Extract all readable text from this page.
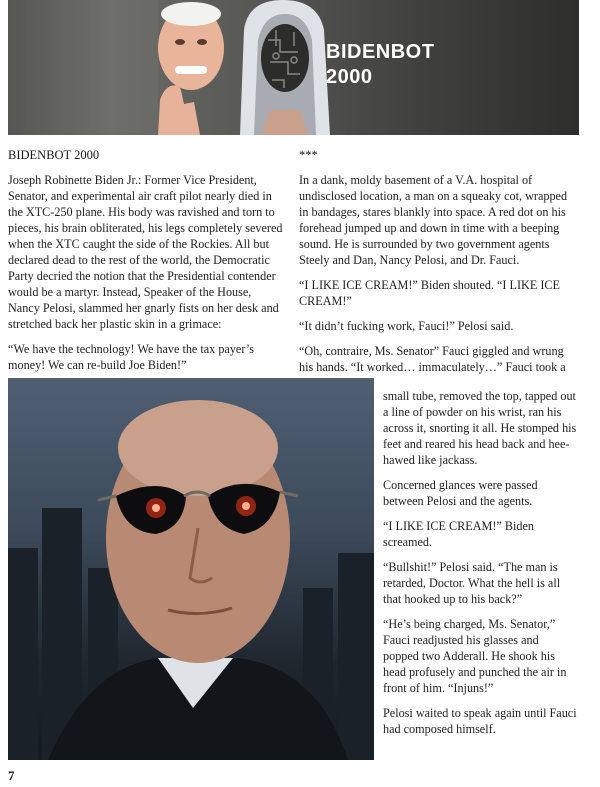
BIDENBOT
2000
BIDENBOT 2000	***

Joseph Robinette Biden Jr.: Former Vice President, Senator, and experimental air craft pilot nearly died in the XTC-250 plane. His body was ravished and torn to pieces, his brain obliterated, his legs completely severed when the XTC caught the side of the Rockies. All but declared dead to the rest of the world, the Democratic Party decried the notion that the Presidential contender would be a martyr. Instead, Speaker of the House, Nancy Pelosi, slammed her gnarly fists on her desk and stretched back her plastic skin in a grimace:

“We have the technology! We have the tax payer’s money! We can re-build Joe Biden!”

In a dank, moldy basement of a V.A. hospital of undisclosed location, a man on a squeaky cot, wrapped in bandages, stares blankly into space. A red dot on his forehead jumped up and down in time with a beeping sound. He is surrounded by two government agents Steely and Dan, Nancy Pelosi, and Dr. Fauci.

“I LIKE ICE CREAM!” Biden shouted. “I LIKE ICE CREAM!”

“It didn’t fucking work, Fauci!” Pelosi said.

“Oh, contraire, Ms. Senator” Fauci giggled and wrung his hands. “It worked… immaculately…” Fauci took a

small tube, removed the top, tapped out a line of powder on his wrist, ran his across it, snorting it all. He stomped his feet and reared his head back and hee-hawed like jackass.

Concerned glances were passed between Pelosi and the agents.

“I LIKE ICE CREAM!” Biden screamed.

“Bullshit!” Pelosi said. “The man is retarded, Doctor. What the hell is all that hooked up to his back?”

“He’s being charged, Ms. Senator,” Fauci readjusted his glasses and popped two Adderall. He shook his head profusely and punched the air in front of him. “Injuns!”

Pelosi waited to speak again until Fauci had composed himself.

7
